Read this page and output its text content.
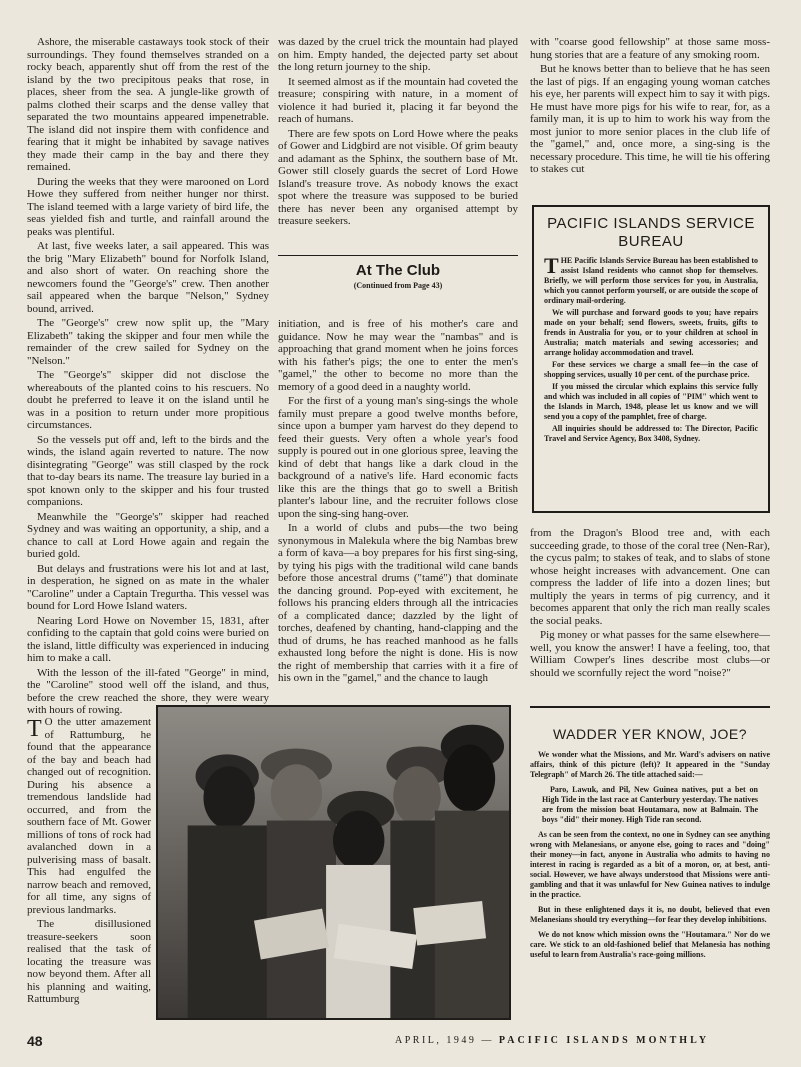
Ashore, the miserable castaways took stock of their surroundings. They found themselves stranded on a rocky beach, apparently shut off from the rest of the island by the two precipitous peaks that rose, in places, sheer from the sea. A jungle-like growth of palms clothed their scarps and the dense valley that separated the two mountains appeared impenetrable. The island did not inspire them with confidence and fearing that it might be inhabited by savage natives they made their camp in the bay and there they remained.

During the weeks that they were marooned on Lord Howe they suffered from neither hunger nor thirst. The island teemed with a large variety of bird life, the seas yielded fish and turtle, and rainfall around the peaks was plentiful.

At last, five weeks later, a sail appeared. This was the brig "Mary Elizabeth" bound for Norfolk Island, and also short of water. On reaching shore the newcomers found the "George's" crew. Then another sail appeared when the barque "Nelson," Sydney bound, arrived.

The "George's" crew now split up, the "Mary Elizabeth" taking the skipper and four men while the remainder of the crew sailed for Sydney on the "Nelson."

The "George's" skipper did not disclose the whereabouts of the planted coins to his rescuers. No doubt he preferred to leave it on the island until he was in a position to return under more propitious circumstances.

So the vessels put off and, left to the birds and the winds, the island again reverted to nature. The now disintegrating "George" was still clasped by the rock that to-day bears its name. The treasure lay buried in a spot known only to the skipper and his four trusted companions.

Meanwhile the "George's" skipper had reached Sydney and was waiting an opportunity, a ship, and a chance to call at Lord Howe again and regain the buried gold.

But delays and frustrations were his lot and at last, in desperation, he signed on as mate in the whaler "Caroline" under a Captain Tregurtha. This vessel was bound for Lord Howe Island waters.

Nearing Lord Howe on November 15, 1831, after confiding to the captain that gold coins were buried on the island, little difficulty was experienced in inducing him to make a call.

With the lesson of the ill-fated "George" in mind, the "Caroline" stood well off the island, and thus, before the crew reached the shore, they were weary with hours of rowing.

was dazed by the cruel trick the mountain had played on him. Empty handed, the dejected party set about the long return journey to the ship.

It seemed almost as if the mountain had coveted the treasure; conspiring with nature, in a moment of violence it had buried it, placing it far beyond the reach of humans.

There are few spots on Lord Howe where the peaks of Gower and Lidgbird are not visible. Of grim beauty and adamant as the Sphinx, the southern base of Mt. Gower still closely guards the secret of Lord Howe Island's treasure trove. As nobody knows the exact spot where the treasure was supposed to be buried there has never been any organised attempt by treasure seekers.

At The Club
(Continued from Page 43)

initiation, and is free of his mother's care and guidance. Now he may wear the "nambas" and is approaching that grand moment when he joins forces with his father's pigs; the one to enter the men's "gamel," the other to become no more than the memory of a good deed in a naughty world.

For the first of a young man's sing-sings the whole family must prepare a good twelve months before, since upon a bumper yam harvest do they depend to feed their guests. Very often a whole year's food supply is poured out in one glorious spree, leaving the kind of debt that hangs like a dark cloud in the background of a native's life. Hard economic facts like this are the things that go to swell a British planter's labour line, and the recruiter follows close upon the sing-sing hang-over.

In a world of clubs and pubs—the two being synonymous in Malekula where the big Nambas brew a form of kava—a boy prepares for his first sing-sing, by tying his pigs with the traditional wild cane bands before those ancestral drums ("tamé") that dominate the dancing ground. Pop-eyed with excitement, he follows his prancing elders through all the intricacies of a complicated dance; dazzled by the light of torches, deafened by chanting, hand-clapping and the thud of drums, he has reached manhood as he falls exhausted long before the night is done. His is now the right of membership that carries with it a fire of his own in the "gamel," and the chance to laugh

with "coarse good fellowship" at those same moss-hung stories that are a feature of any smoking room.

But he knows better than to believe that he has seen the last of pigs. If an engaging young woman catches his eye, her parents will expect him to say it with pigs. He must have more pigs for his wife to rear, for, as a family man, it is up to him to work his way from the most junior to more senior places in the club life of the "gamel," and, once more, a sing-sing is the necessary procedure. This time, he will tie his offering to stakes cut

PACIFIC ISLANDS SERVICE BUREAU

THE Pacific Islands Service Bureau has been established to assist Island residents who cannot shop for themselves. Briefly, we will perform those services for you, in Australia, which you cannot perform yourself, or are outside the scope of ordinary mail-ordering.

We will purchase and forward goods to you; have repairs made on your behalf; send flowers, sweets, fruits, gifts to frends in Australia for you, or to your children at school in Australia; match materials and sewing accessories; and arrange holiday accommodation and travel.

For these services we charge a small fee—in the case of shopping services, usually 10 per cent. of the purchase price.

If you missed the circular which explains this service fully and which was included in all copies of "PIM" which went to the Islands in March, 1948, please let us know and we will send you a copy of the pamphlet, free of charge.

All inquiries should be addressed to: The Director, Pacific Travel and Service Agency, Box 3408, Sydney.

from the Dragon's Blood tree and, with each succeeding grade, to those of the coral tree (Nen-Rar), the cycus palm; to stakes of teak, and to slabs of stone whose height increases with advancement. One can compress the ladder of life into a dozen lines; but multiply the years in terms of pig currency, and it becomes apparent that only the rich man really scales the social peaks.

Pig money or what passes for the same elsewhere—well, you know the answer! I have a feeling, too, that William Cowper's lines describe most clubs—or should we scornfully reject the word "noise?"

T O the utter amazement of Rattumburg, he found that the appearance of the bay and beach had changed out of recognition. During his absence a tremendous landslide had occurred, and from the southern face of Mt. Gower millions of tons of rock had avalanched down in a pulverising mass of basalt. This had engulfed the narrow beach and removed, for all time, any signs of previous landmarks.

The disillusioned treasure-seekers soon realised that the task of locating the treasure was now beyond them. After all his planning and waiting, Rattumburg

WADDER YER KNOW, JOE?

We wonder what the Missions, and Mr. Ward's advisers on native affairs, think of this picture (left)? It appeared in the "Sunday Telegraph" of March 26. The title attached said:—

Paro, Lawuk, and Pil, New Guinea natives, put a bet on High Tide in the last race at Canterbury yesterday. The natives are from the mission boat Houtamara, now at Balmain. The boys "did" their money. High Tide ran second.

As can be seen from the context, no one in Sydney can see anything wrong with Melanesians, or anyone else, going to races and "doing" their money—in fact, anyone in Australia who admits to having no interest in racing is regarded as a bit of a moron, or, at best, anti-social. However, we have always understood that Missions were anti-gambling and that it was unlawful for New Guinea natives to indulge in the practice.

But in these enlightened days it is, no doubt, believed that even Melanesians should try everything—for fear they develop inhibitions.

We do not know which mission owns the "Houtamara." Nor do we care. We stick to an old-fashioned belief that Melanesia has nothing useful to learn from Australia's race-going millions.

48	APRIL, 1949 — PACIFIC ISLANDS MONTHLY
